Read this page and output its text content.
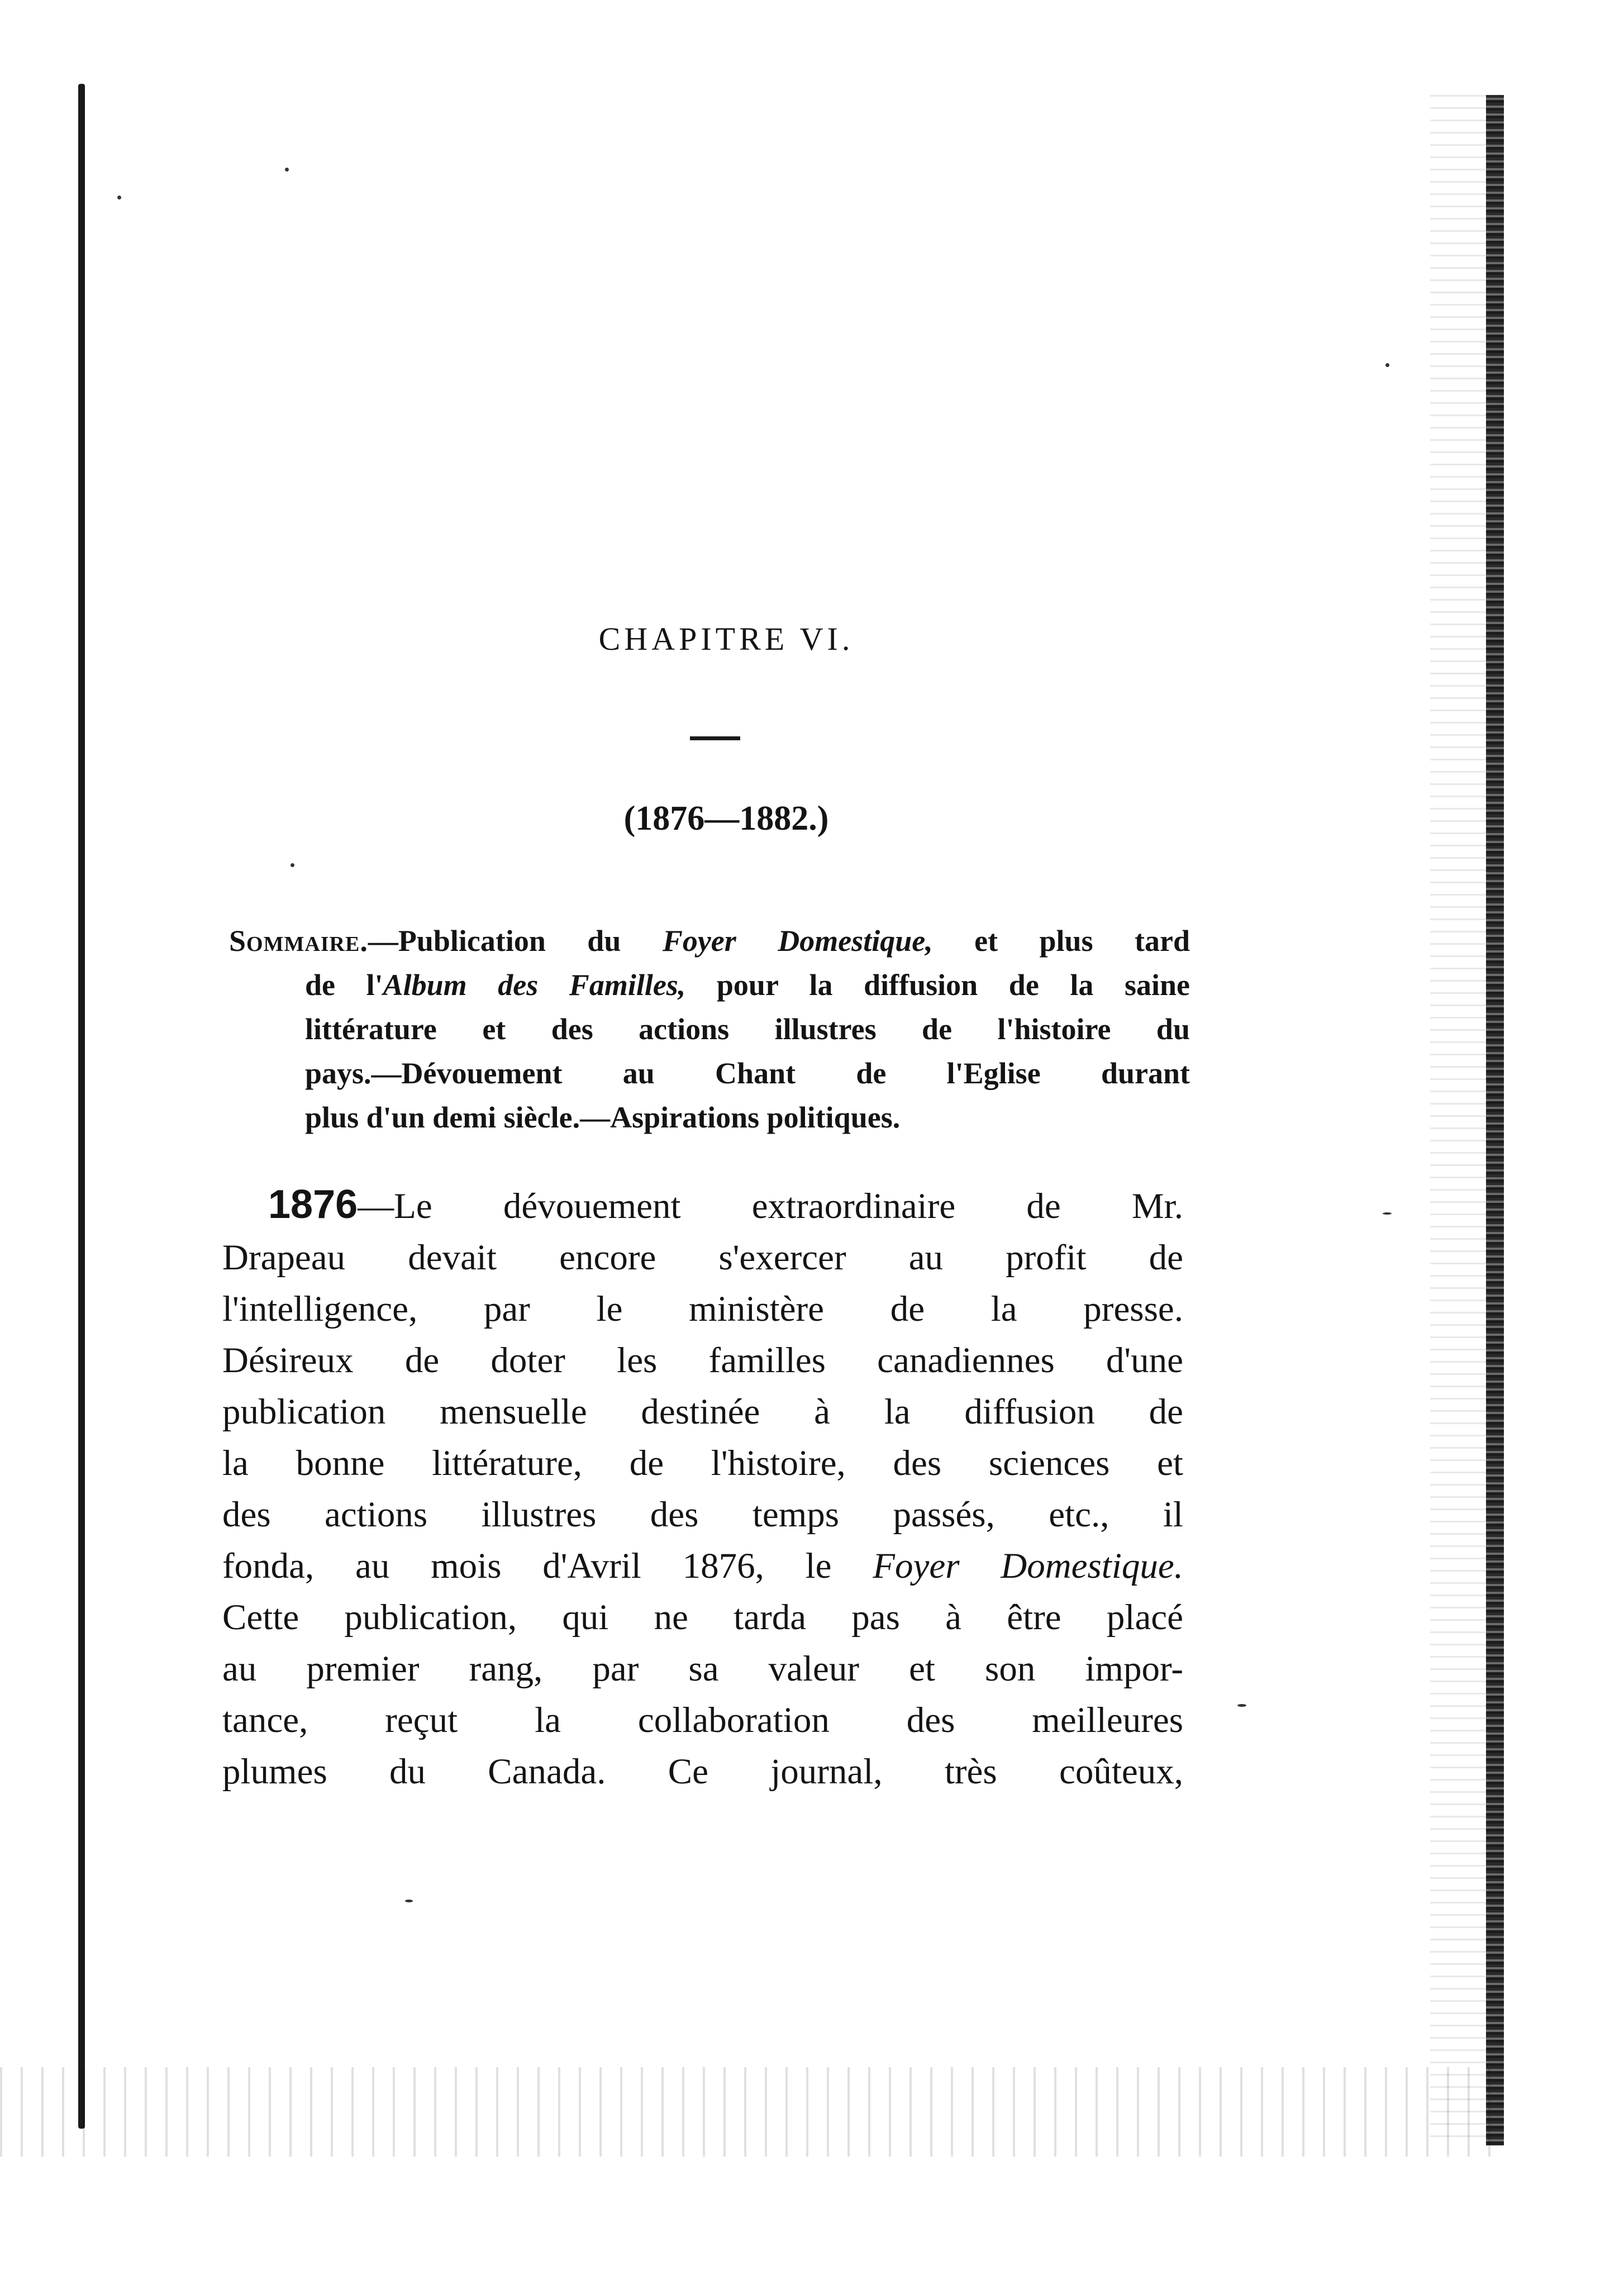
CHAPITRE VI.
(1876—1882.)
Sommaire.—Publication du Foyer Domestique, et plus tard
de l'Album des Familles, pour la diffusion de la saine
littérature et des actions illustres de l'histoire du
pays.—Dévouement au Chant de l'Eglise durant
plus d'un demi siècle.—Aspirations politiques.
1876—Le dévouement extraordinaire de Mr.
Drapeau devait encore s'exercer au profit de
l'intelligence, par le ministère de la presse.
Désireux de doter les familles canadiennes d'une
publication mensuelle destinée à la diffusion de
la bonne littérature, de l'histoire, des sciences et
des actions illustres des temps passés, etc., il
fonda, au mois d'Avril 1876, le Foyer Domestique.
Cette publication, qui ne tarda pas à être placé
au premier rang, par sa valeur et son impor-
tance, reçut la collaboration des meilleures
plumes du Canada. Ce journal, très coûteux,
